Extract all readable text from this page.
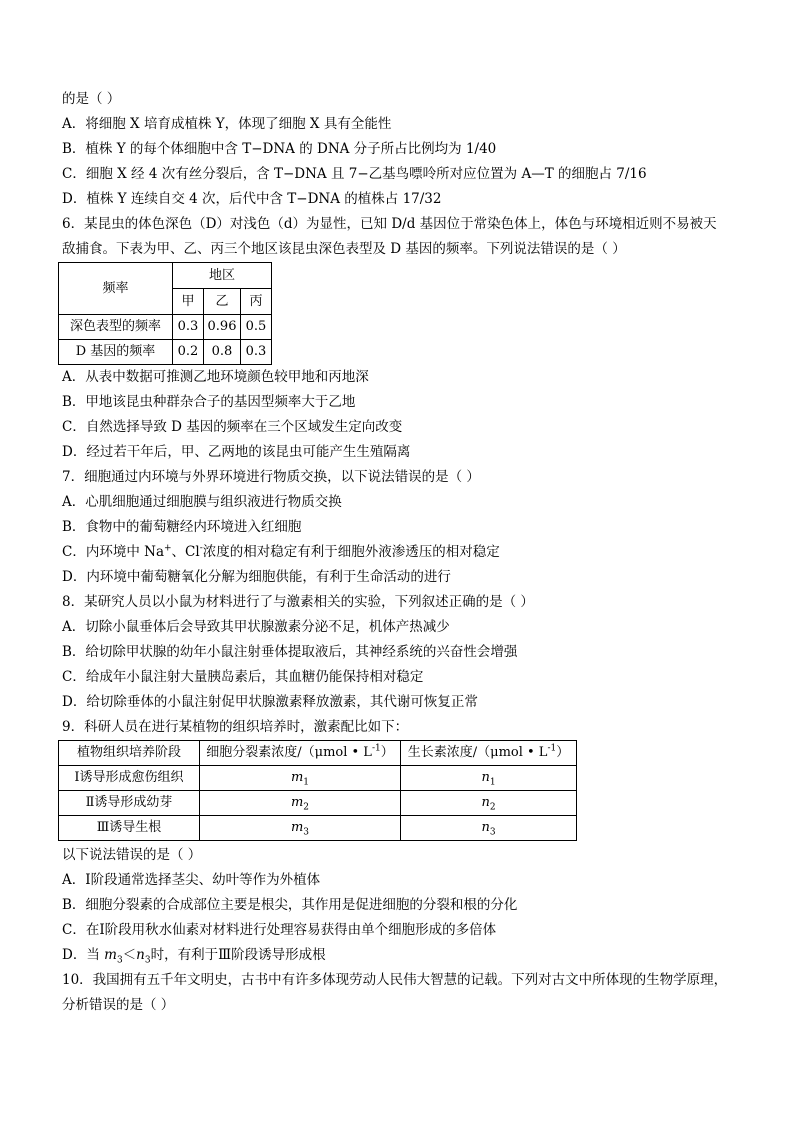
的是（ ）
A．将细胞 X 培育成植株 Y，体现了细胞 X 具有全能性
B．植株 Y 的每个体细胞中含 T−DNA 的 DNA 分子所占比例均为 1/40
C．细胞 X 经 4 次有丝分裂后，含 T−DNA 且 7−乙基鸟嘌呤所对应位置为 A—T 的细胞占 7/16
D．植株 Y 连续自交 4 次，后代中含 T−DNA 的植株占 17/32
6．某昆虫的体色深色（D）对浅色（d）为显性，已知 D/d 基因位于常染色体上，体色与环境相近则不易被天
敌捕食。下表为甲、乙、丙三个地区该昆虫深色表型及 D 基因的频率。下列说法错误的是（ ）
频率	地区		
	甲	乙	丙
深色表型的频率	0.3	0.96	0.5
D 基因的频率	0.2	0.8	0.3
A．从表中数据可推测乙地环境颜色较甲地和丙地深
B．甲地该昆虫种群杂合子的基因型频率大于乙地
C．自然选择导致 D 基因的频率在三个区域发生定向改变
D．经过若干年后，甲、乙两地的该昆虫可能产生生殖隔离
7．细胞通过内环境与外界环境进行物质交换，以下说法错误的是（ ）
A．心肌细胞通过细胞膜与组织液进行物质交换
B．食物中的葡萄糖经内环境进入红细胞
C．内环境中 Na+、Cl-浓度的相对稳定有利于细胞外液渗透压的相对稳定
D．内环境中葡萄糖氧化分解为细胞供能，有利于生命活动的进行
8．某研究人员以小鼠为材料进行了与激素相关的实验，下列叙述正确的是（ ）
A．切除小鼠垂体后会导致其甲状腺激素分泌不足，机体产热减少
B．给切除甲状腺的幼年小鼠注射垂体提取液后，其神经系统的兴奋性会增强
C．给成年小鼠注射大量胰岛素后，其血糖仍能保持相对稳定
D．给切除垂体的小鼠注射促甲状腺激素释放激素，其代谢可恢复正常
9．科研人员在进行某植物的组织培养时，激素配比如下：
植物组织培养阶段	细胞分裂素浓度/（μmol • $L^{-1}$）	生长素浓度/（μmol • $L^{-1}$）
Ⅰ诱导形成愈伤组织	$m_1$	$n_1$
Ⅱ诱导形成幼芽	$m_2$	$n_2$
Ⅲ诱导生根	$m_3$	$n_3$
以下说法错误的是（ ）
A．Ⅰ阶段通常选择茎尖、幼叶等作为外植体
B．细胞分裂素的合成部位主要是根尖，其作用是促进细胞的分裂和根的分化
C．在Ⅰ阶段用秋水仙素对材料进行处理容易获得由单个细胞形成的多倍体
D．当 $m_3<n_3$时，有利于Ⅲ阶段诱导形成根
10．我国拥有五千年文明史，古书中有许多体现劳动人民伟大智慧的记载。下列对古文中所体现的生物学原理，
分析错误的是（ ）
